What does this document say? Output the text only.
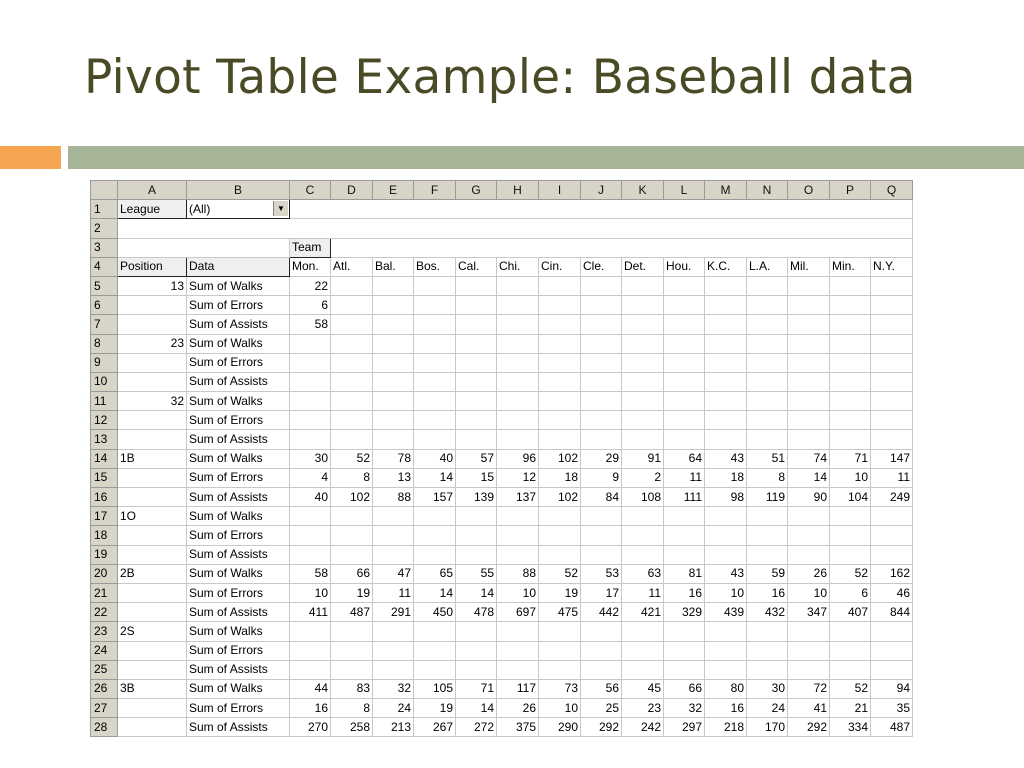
Pivot Table Example: Baseball data
	A	B	C	D	E	F	G	H	I	J	K	L	M	N	O	P	Q
1	League	(All) ▼															

2																	
3			Team														
4	Position	Data	Mon.	Atl.	Bal.	Bos.	Cal.	Chi.	Cin.	Cle.	Det.	Hou.	K.C.	L.A.	Mil.	Min.	N.Y.
5	13	Sum of Walks	22														
6		Sum of Errors	6														
7		Sum of Assists	58														
8	23	Sum of Walks															
9		Sum of Errors															
10		Sum of Assists															
11	32	Sum of Walks															
12		Sum of Errors															
13		Sum of Assists															
14	1B	Sum of Walks	30	52	78	40	57	96	102	29	91	64	43	51	74	71	147
15		Sum of Errors	4	8	13	14	15	12	18	9	2	11	18	8	14	10	11
16		Sum of Assists	40	102	88	157	139	137	102	84	108	111	98	119	90	104	249
17	1O	Sum of Walks															
18		Sum of Errors															
19		Sum of Assists															
20	2B	Sum of Walks	58	66	47	65	55	88	52	53	63	81	43	59	26	52	162
21		Sum of Errors	10	19	11	14	14	10	19	17	11	16	10	16	10	6	46
22		Sum of Assists	411	487	291	450	478	697	475	442	421	329	439	432	347	407	844
23	2S	Sum of Walks															
24		Sum of Errors															
25		Sum of Assists															
26	3B	Sum of Walks	44	83	32	105	71	117	73	56	45	66	80	30	72	52	94
27		Sum of Errors	16	8	24	19	14	26	10	25	23	32	16	24	41	21	35
28		Sum of Assists	270	258	213	267	272	375	290	292	242	297	218	170	292	334	487
